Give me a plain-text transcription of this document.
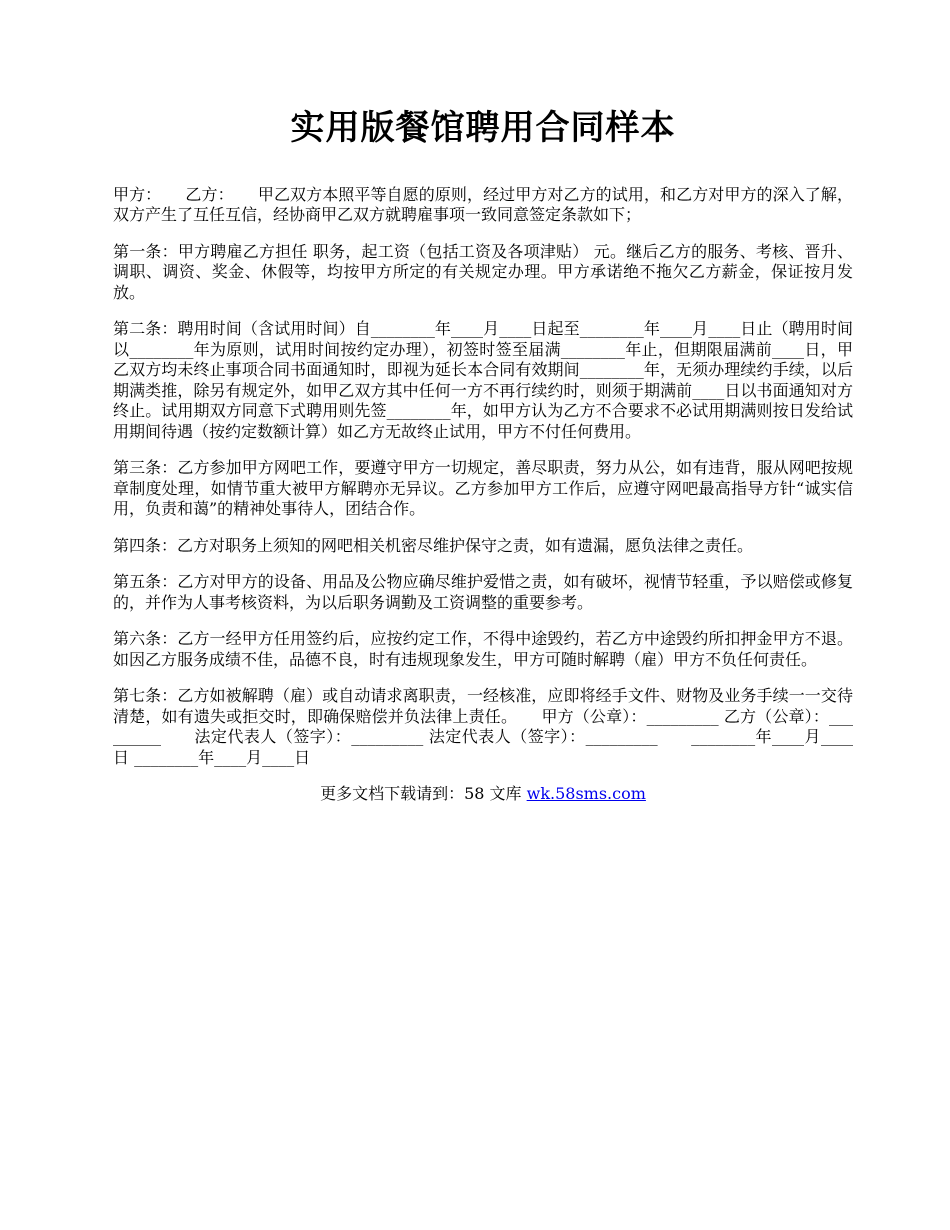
实用版餐馆聘用合同样本

甲方：　　乙方：　　甲乙双方本照平等自愿的原则，经过甲方对乙方的试用，和乙方对甲方的深入了解，双方产生了互任互信，经协商甲乙双方就聘雇事项一致同意签定条款如下；

第一条：甲方聘雇乙方担任 职务，起工资（包括工资及各项津贴） 元。继后乙方的服务、考核、晋升、调职、调资、奖金、休假等，均按甲方所定的有关规定办理。甲方承诺绝不拖欠乙方薪金，保证按月发放。

第二条：聘用时间（含试用时间）自________年____月____日起至________年____月____日止（聘用时间以________年为原则，试用时间按约定办理），初签时签至届满________年止，但期限届满前____日，甲乙双方均未终止事项合同书面通知时，即视为延长本合同有效期间________年，无须办理续约手续，以后期满类推，除另有规定外，如甲乙双方其中任何一方不再行续约时，则须于期满前____日以书面通知对方终止。试用期双方同意下式聘用则先签________年，如甲方认为乙方不合要求不必试用期满则按日发给试用期间待遇（按约定数额计算）如乙方无故终止试用，甲方不付任何费用。

第三条：乙方参加甲方网吧工作，要遵守甲方一切规定，善尽职责，努力从公，如有违背，服从网吧按规章制度处理，如情节重大被甲方解聘亦无异议。乙方参加甲方工作后，应遵守网吧最高指导方针“诚实信用，负责和蔼”的精神处事待人，团结合作。

第四条：乙方对职务上须知的网吧相关机密尽维护保守之责，如有遗漏，愿负法律之责任。

第五条：乙方对甲方的设备、用品及公物应确尽维护爱惜之责，如有破坏，视情节轻重，予以赔偿或修复的，并作为人事考核资料，为以后职务调勤及工资调整的重要参考。

第六条：乙方一经甲方任用签约后，应按约定工作，不得中途毁约，若乙方中途毁约所扣押金甲方不退。如因乙方服务成绩不佳，品德不良，时有违规现象发生，甲方可随时解聘（雇）甲方不负任何责任。

第七条：乙方如被解聘（雇）或自动请求离职责，一经核准，应即将经手文件、财物及业务手续一一交待清楚，如有遗失或拒交时，即确保赔偿并负法律上责任。　　甲方（公章）：_________ 乙方（公章）：_________　　法定代表人（签字）：_________ 法定代表人（签字）：_________　　________年____月____日 ________年____月____日

更多文档下载请到：58 文库 wk.58sms.com
